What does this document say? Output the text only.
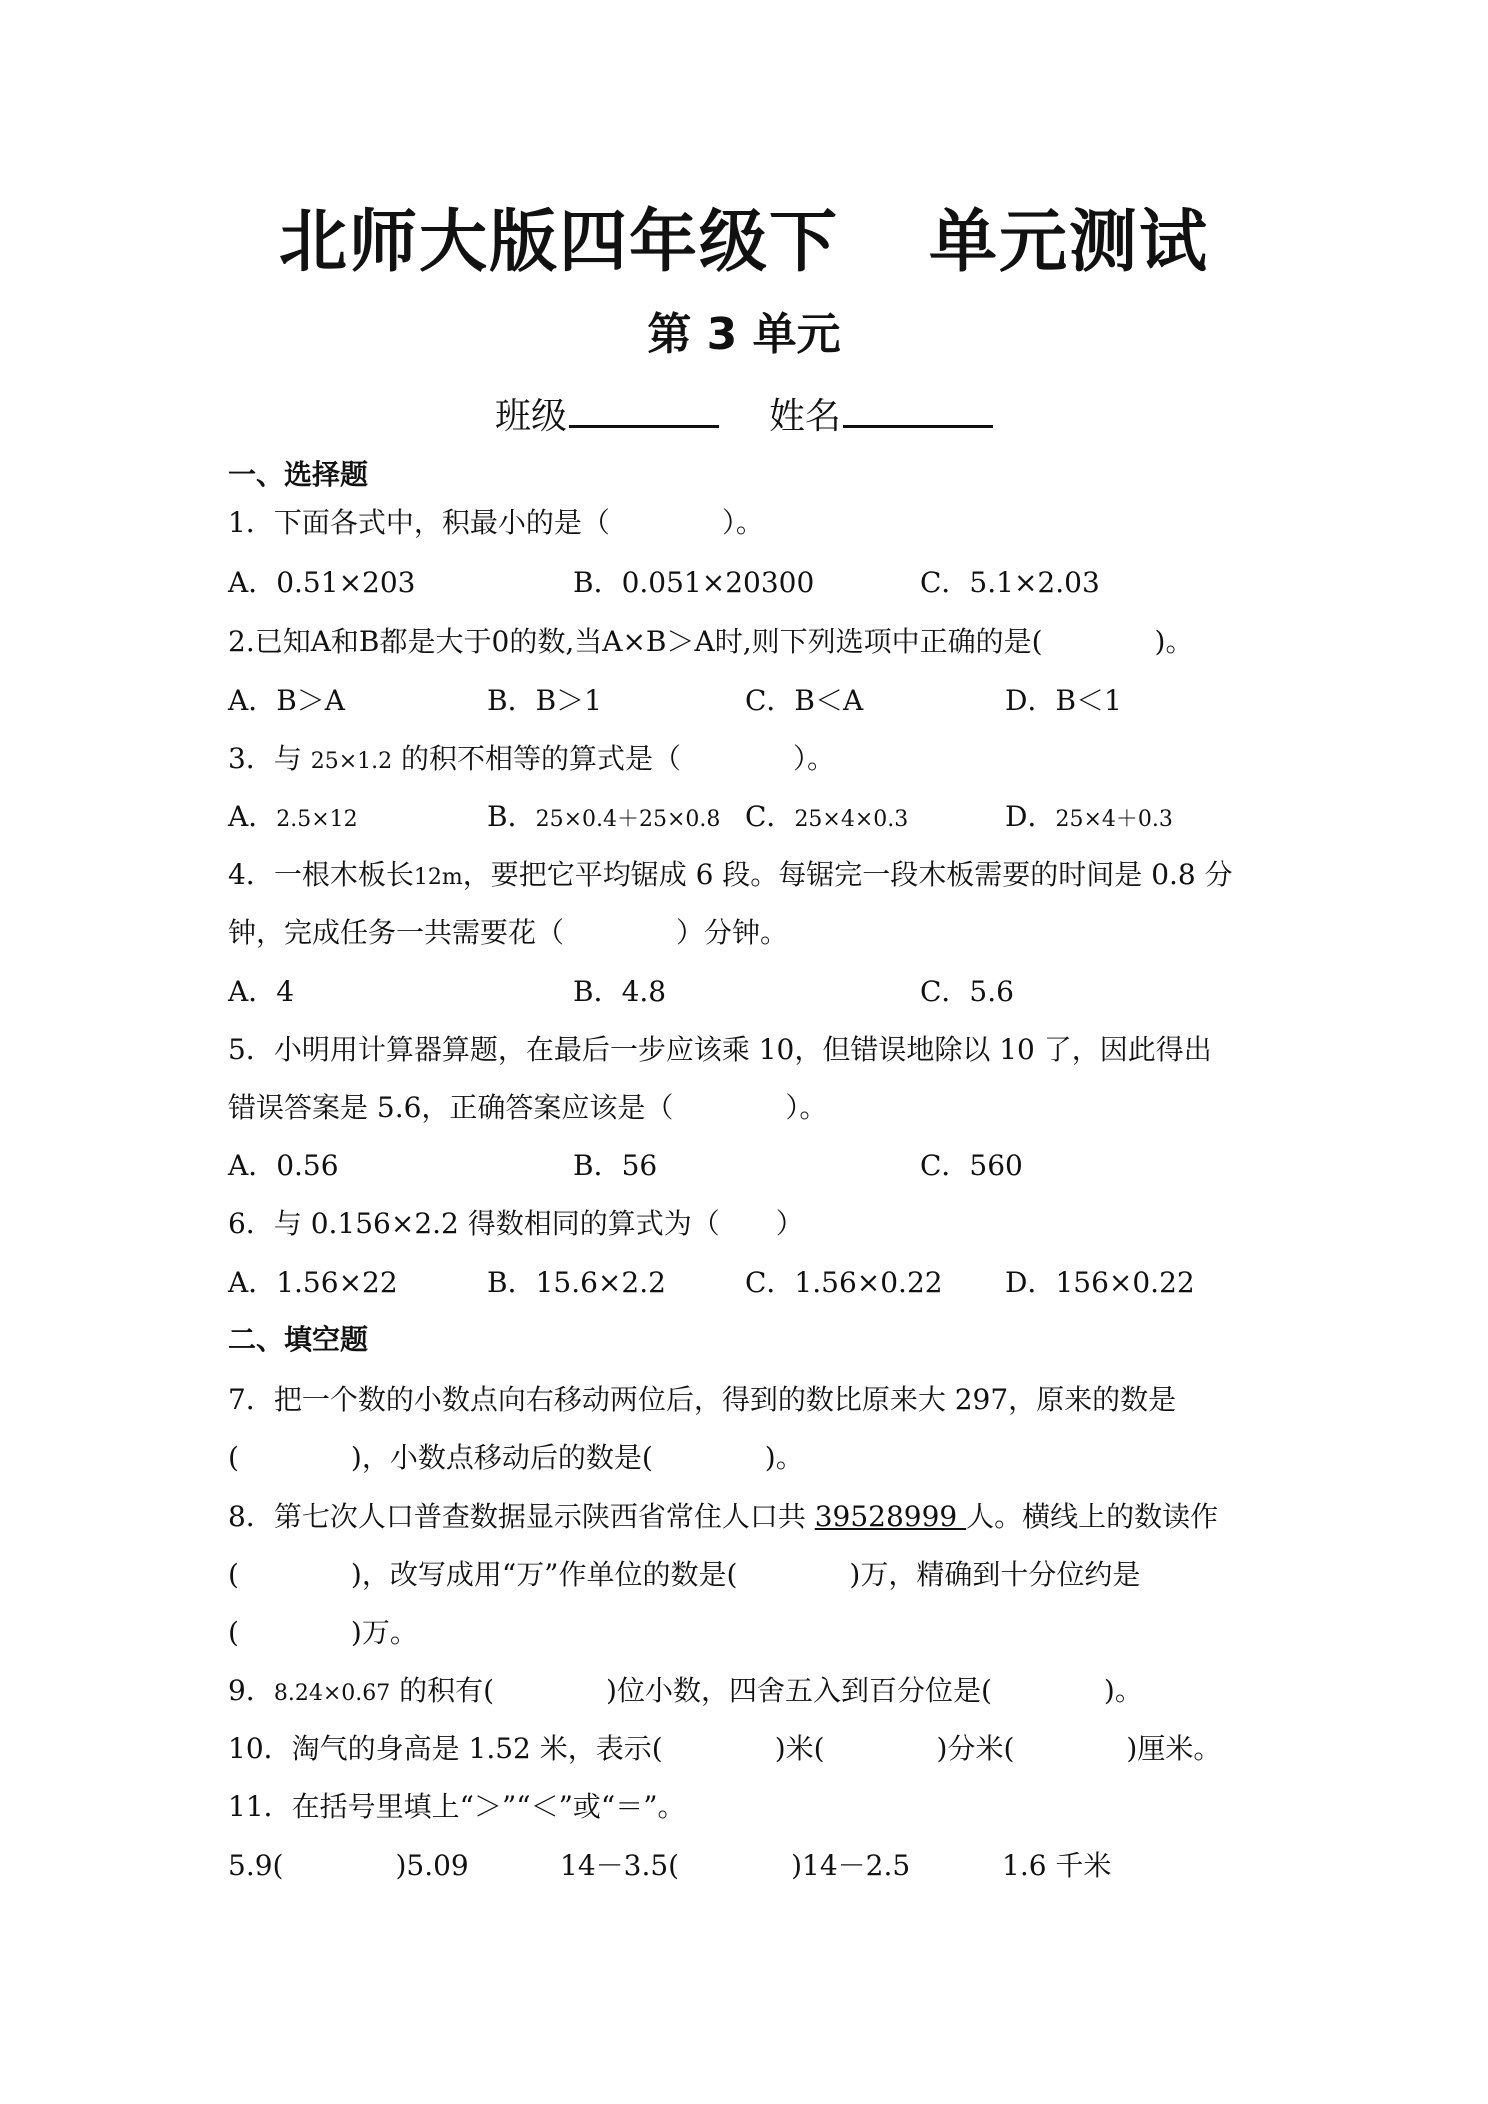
北师大版四年级下 单元测试
第 3 单元
班级	姓名
一、选择题
1．下面各式中，积最小的是（　　　　）。
A．0.51×203	B．0.051×20300	C．5.1×2.03
2.已知A和B都是大于0的数,当A×B＞A时,则下列选项中正确的是(　　　　)。
A．B＞A	B．B＞1	C．B＜A	D．B＜1
3．与 25×1.2 的积不相等的算式是（　　　　）。
A．2.5×12	B．25×0.4＋25×0.8 C．25×4×0.3	D．25×4＋0.3
4．一根木板长12m，要把它平均锯成 6 段。每锯完一段木板需要的时间是 0.8 分
钟，完成任务一共需要花（　　　　）分钟。
A．4	B．4.8	C．5.6
5．小明用计算器算题，在最后一步应该乘 10，但错误地除以 10 了，因此得出
错误答案是 5.6，正确答案应该是（　　　　）。
A．0.56	B．56	C．560
6．与 0.156×2.2 得数相同的算式为（　　）
A．1.56×22	B．15.6×2.2	C．1.56×0.22 D．156×0.22
二、填空题
7．把一个数的小数点向右移动两位后，得到的数比原来大 297，原来的数是
(　　　　)，小数点移动后的数是(　　　　)。
8．第七次人口普查数据显示陕西省常住人口共 39528999 人。横线上的数读作
(　　　　)，改写成用“万”作单位的数是(　　　　)万，精确到十分位约是
(　　　　)万。
9．8.24×0.67 的积有(　　　　)位小数，四舍五入到百分位是(　　　　)。
10．淘气的身高是 1.52 米，表示(　　　　)米(　　　　)分米(　　　　)厘米。
11．在括号里填上“＞”“＜”或“＝”。
5.9(　　　　)5.09	14－3.5(　　　　)14－2.5	1.6 千米
